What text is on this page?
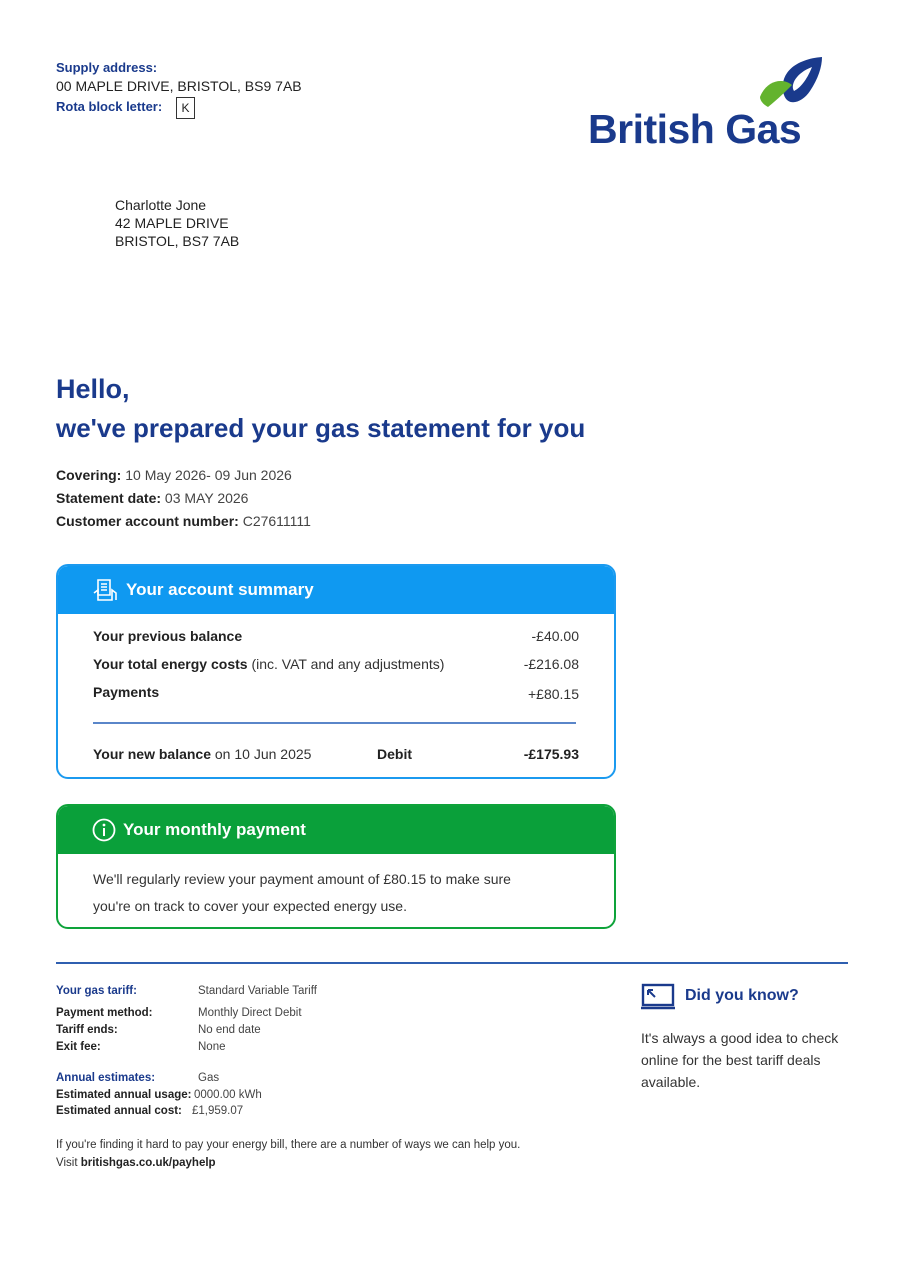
Supply address:
00 MAPLE DRIVE, BRISTOL, BS9 7AB
Rota block letter:	K	British Gas
Charlotte Jone
42 MAPLE DRIVE
BRISTOL, BS7 7AB
Hello,
we've prepared your gas statement for you
Covering: 10 May 2026- 09 Jun 2026
Statement date: 03 MAY 2026
Customer account number: C27611111
Your account summary
Your previous balance	-£40.00
Your total energy costs (inc. VAT and any adjustments)	-£216.08
Payments	+£80.15
Your new balance on 10 Jun 2025	Debit	-£175.93
Your monthly payment
We'll regularly review your payment amount of £80.15 to make sure
you're on track to cover your expected energy use.
Your gas tariff:	Standard Variable Tariff
Payment method:	Monthly Direct Debit
Tariff ends:	No end date
Exit fee:	None
Annual estimates:	Gas
Estimated annual usage: 0000.00 kWh
Estimated annual cost: £1,959.07
If you're finding it hard to pay your energy bill, there are a number of ways we can help you. Visit britishgas.co.uk/payhelp
Did you know?
It's always a good idea to check online for the best tariff deals available.
